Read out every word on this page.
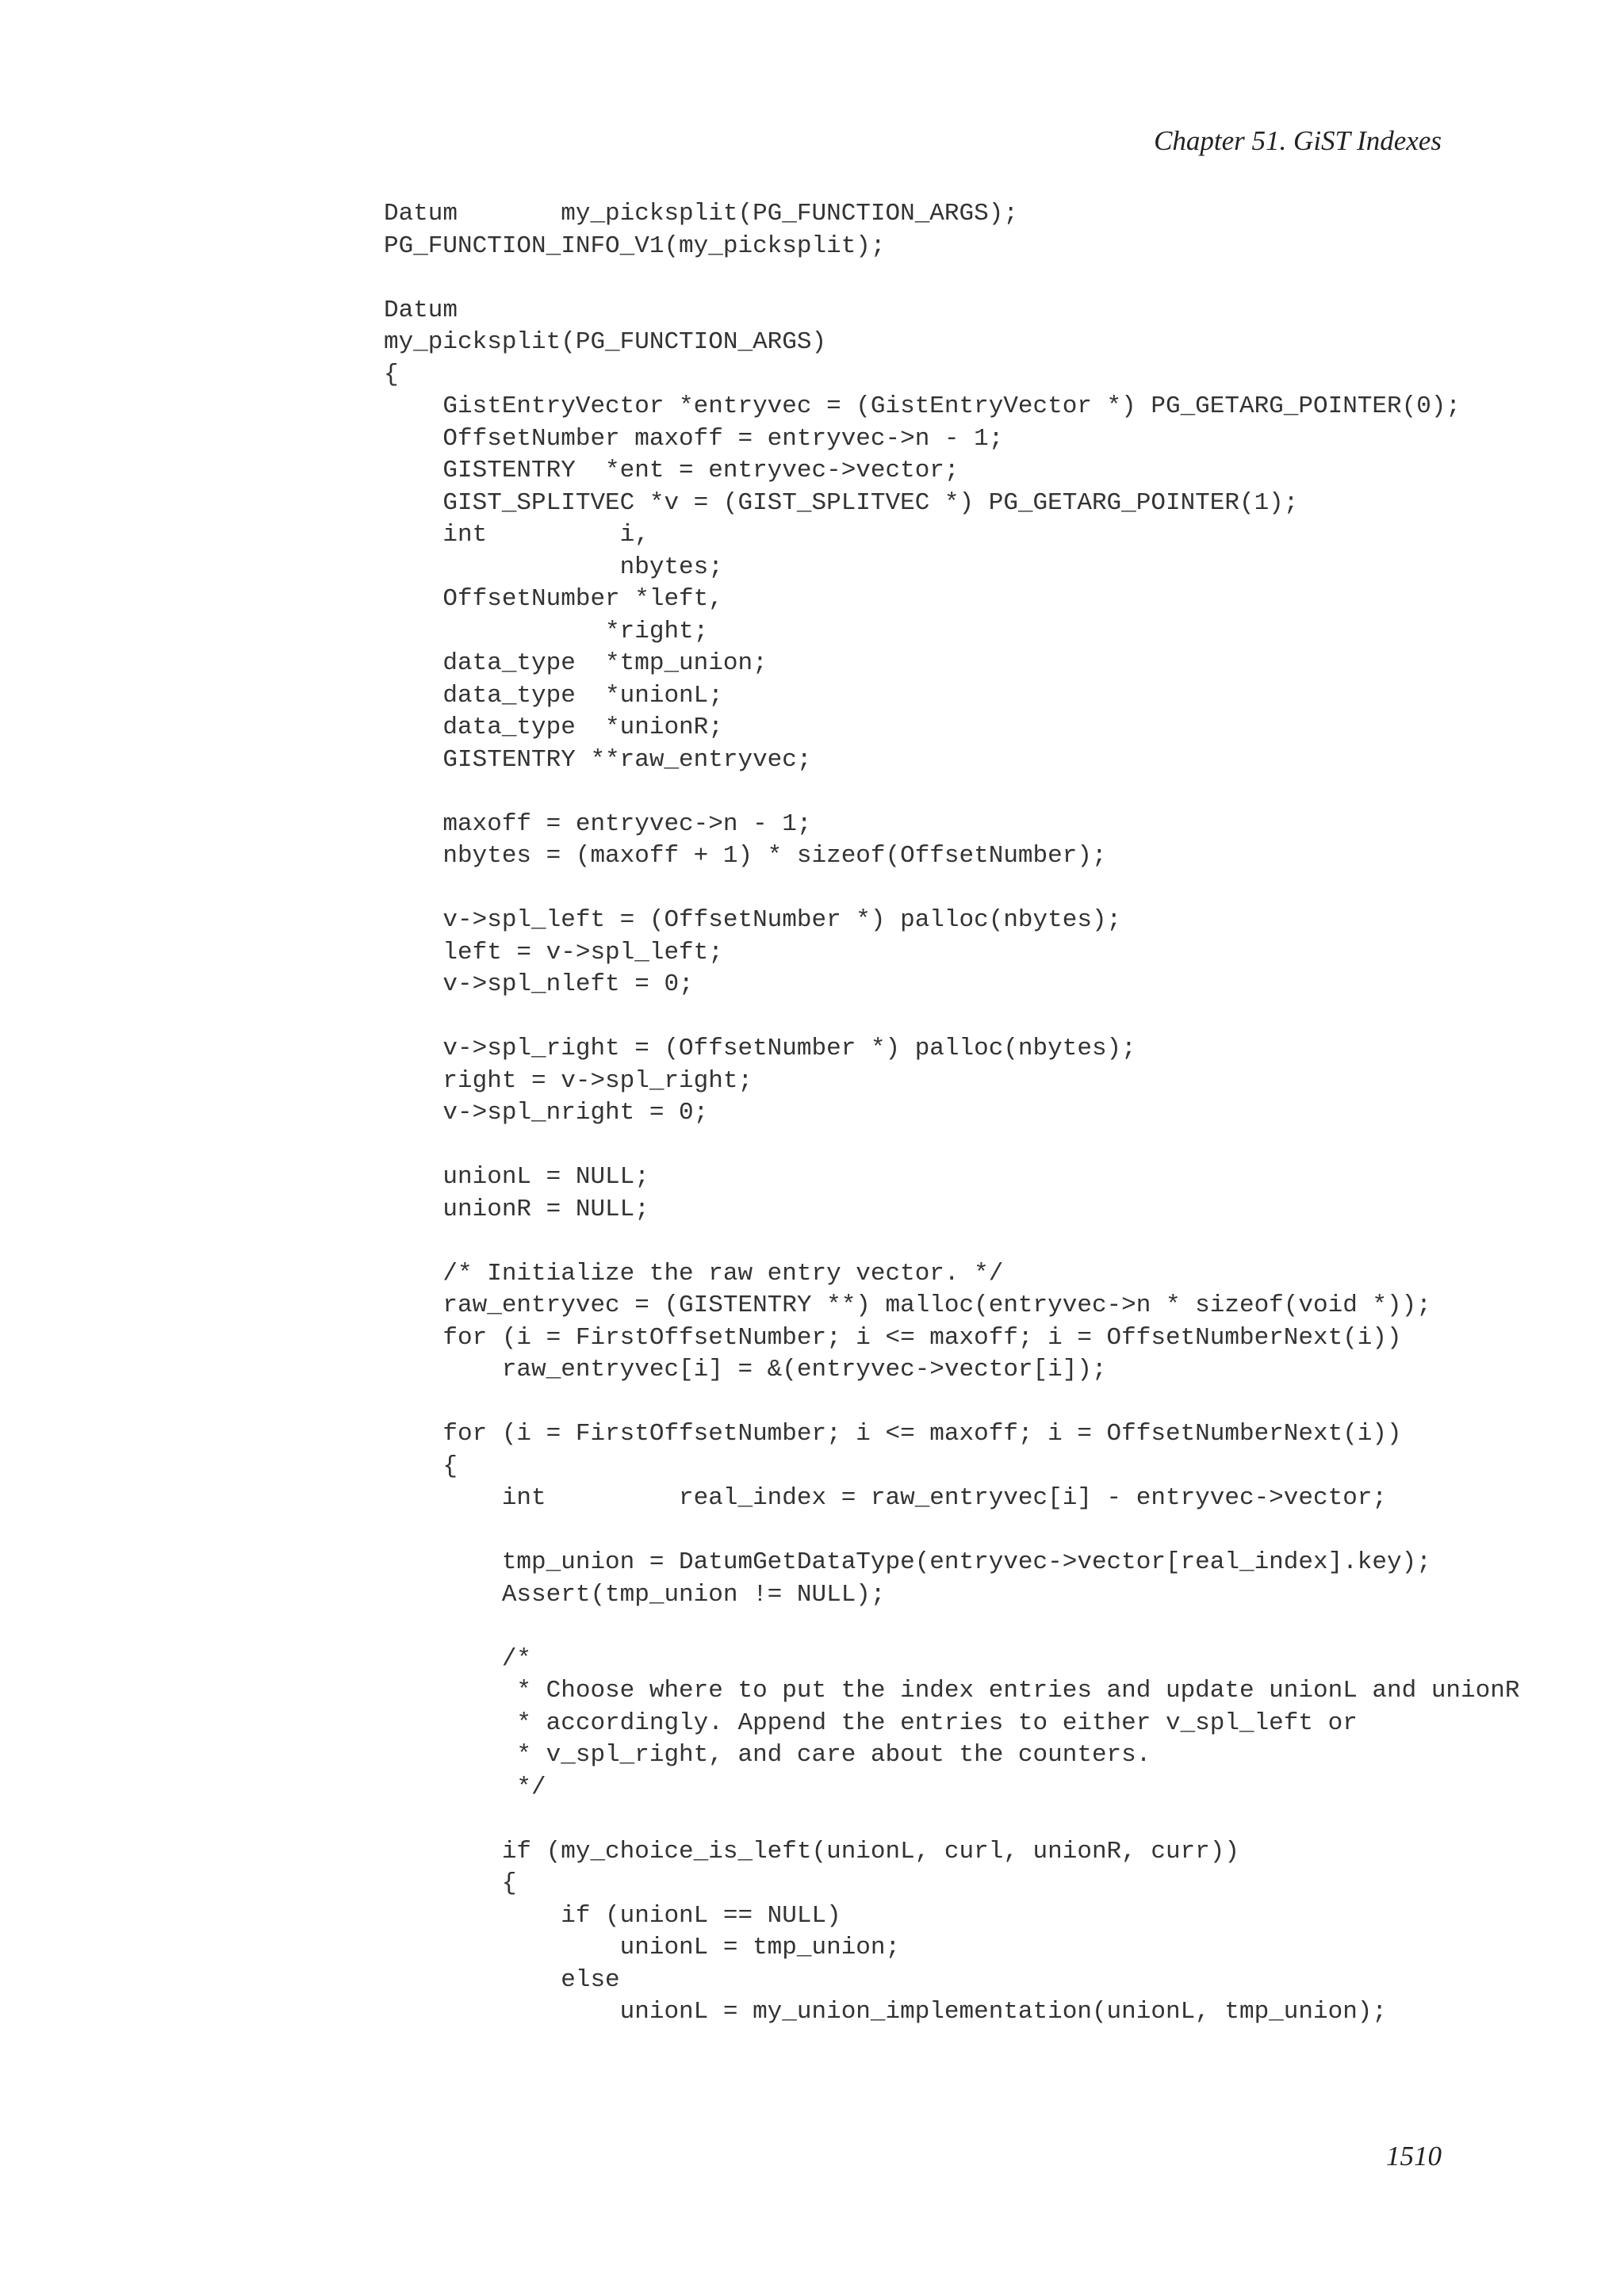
Chapter 51. GiST Indexes
Datum       my_picksplit(PG_FUNCTION_ARGS);
PG_FUNCTION_INFO_V1(my_picksplit);
Datum
my_picksplit(PG_FUNCTION_ARGS)
{
GistEntryVector *entryvec = (GistEntryVector *) PG_GETARG_POINTER(0);
OffsetNumber maxoff = entryvec->n - 1;
GISTENTRY  *ent = entryvec->vector;
GIST_SPLITVEC *v = (GIST_SPLITVEC *) PG_GETARG_POINTER(1);
int         i,
nbytes;
OffsetNumber *left,
*right;
data_type  *tmp_union;
data_type  *unionL;
data_type  *unionR;
GISTENTRY **raw_entryvec;
maxoff = entryvec->n - 1;
nbytes = (maxoff + 1) * sizeof(OffsetNumber);
v->spl_left = (OffsetNumber *) palloc(nbytes);
left = v->spl_left;
v->spl_nleft = 0;
v->spl_right = (OffsetNumber *) palloc(nbytes);
right = v->spl_right;
v->spl_nright = 0;
unionL = NULL;
unionR = NULL;
/* Initialize the raw entry vector. */
raw_entryvec = (GISTENTRY **) malloc(entryvec->n * sizeof(void *));
for (i = FirstOffsetNumber; i <= maxoff; i = OffsetNumberNext(i))
raw_entryvec[i] = &(entryvec->vector[i]);
for (i = FirstOffsetNumber; i <= maxoff; i = OffsetNumberNext(i))
{
int         real_index = raw_entryvec[i] - entryvec->vector;
tmp_union = DatumGetDataType(entryvec->vector[real_index].key);
Assert(tmp_union != NULL);
/*
* Choose where to put the index entries and update unionL and unionR
* accordingly. Append the entries to either v_spl_left or
* v_spl_right, and care about the counters.
*/
if (my_choice_is_left(unionL, curl, unionR, curr))
{
if (unionL == NULL)
unionL = tmp_union;
else
unionL = my_union_implementation(unionL, tmp_union);
1510
